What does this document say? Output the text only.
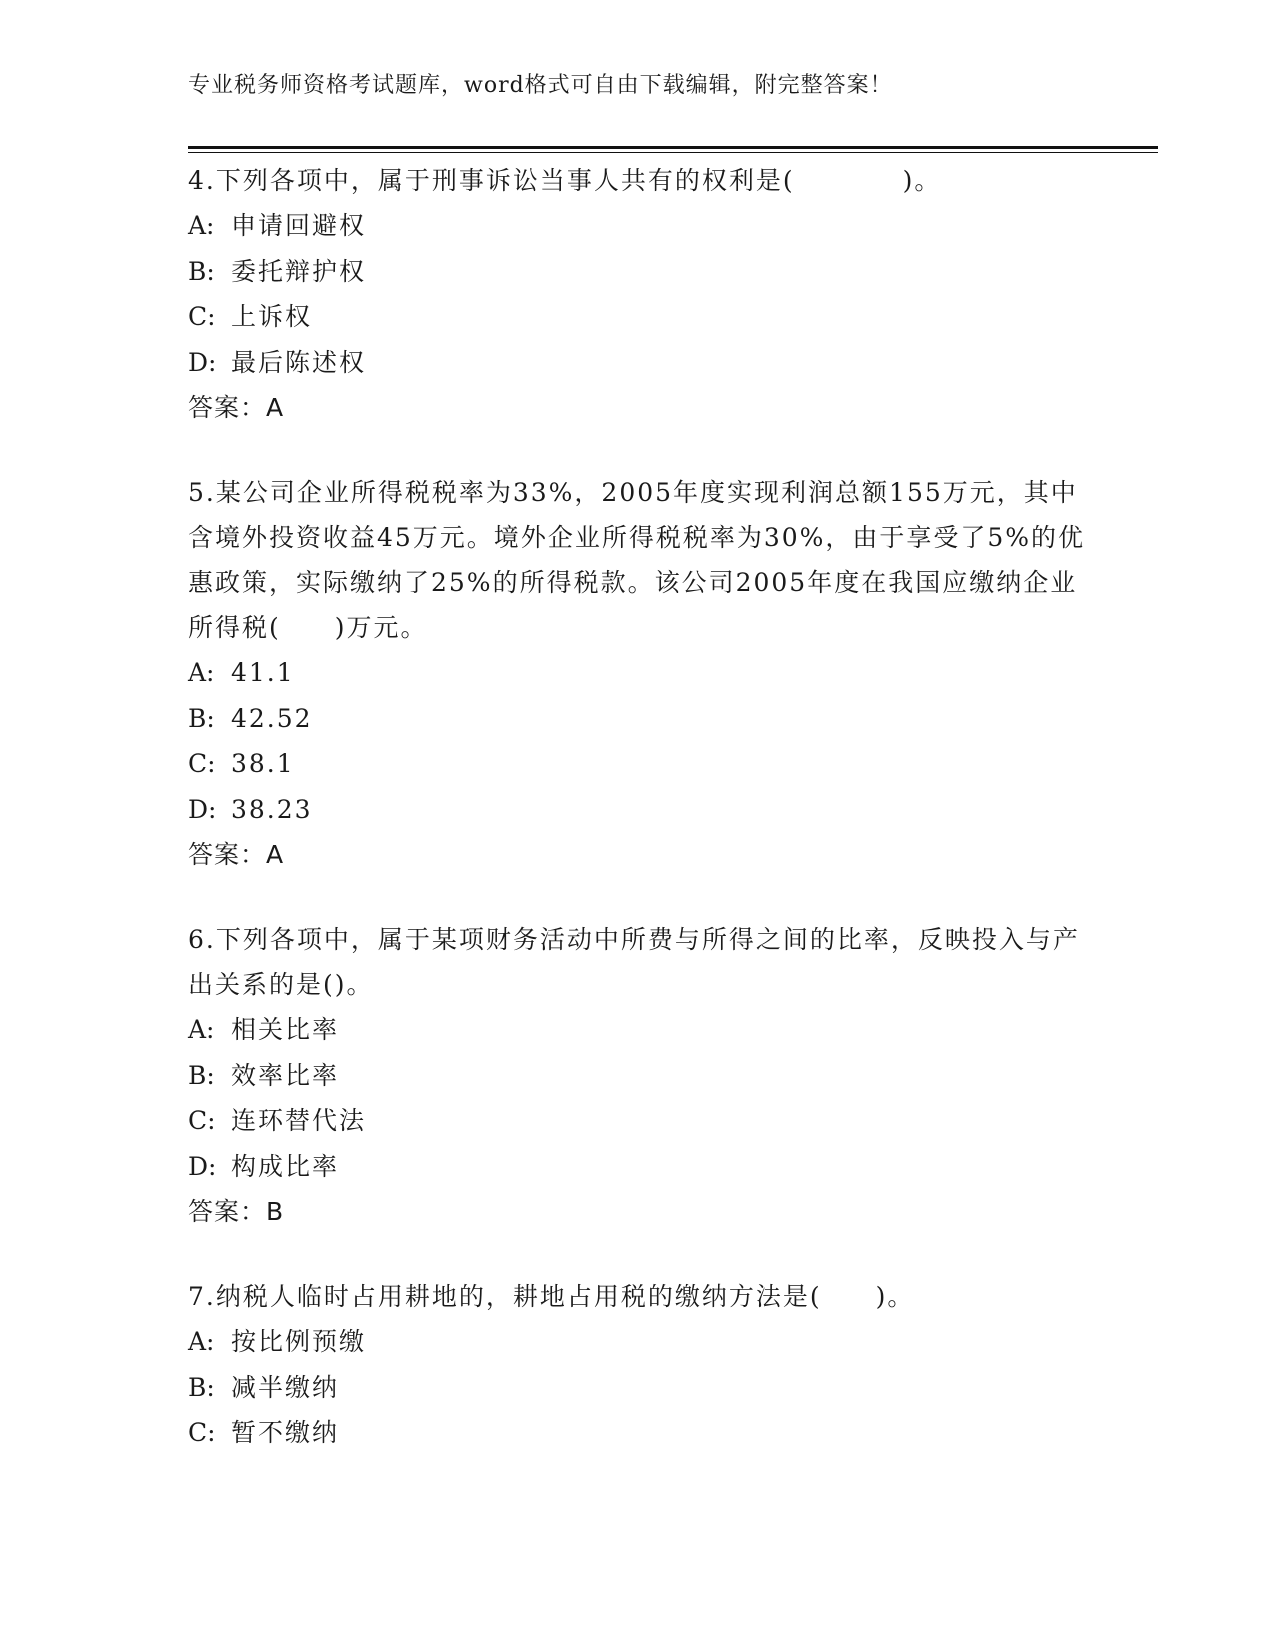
专业税务师资格考试题库，word格式可自由下载编辑，附完整答案！

4.下列各项中，属于刑事诉讼当事人共有的权利是(　　　　)。

A: 申请回避权
B: 委托辩护权
C: 上诉权
D: 最后陈述权
答案：A

5.某公司企业所得税税率为33%，2005年度实现利润总额155万元，其中含境外投资收益45万元。境外企业所得税税率为30%，由于享受了5%的优惠政策，实际缴纳了25%的所得税款。该公司2005年度在我国应缴纳企业所得税(　　)万元。

A: 41.1
B: 42.52
C: 38.1
D: 38.23
答案：A

6.下列各项中，属于某项财务活动中所费与所得之间的比率，反映投入与产出关系的是()。

A: 相关比率
B: 效率比率
C: 连环替代法
D: 构成比率
答案：B

7.纳税人临时占用耕地的，耕地占用税的缴纳方法是(　　)。

A: 按比例预缴
B: 减半缴纳
C: 暂不缴纳
